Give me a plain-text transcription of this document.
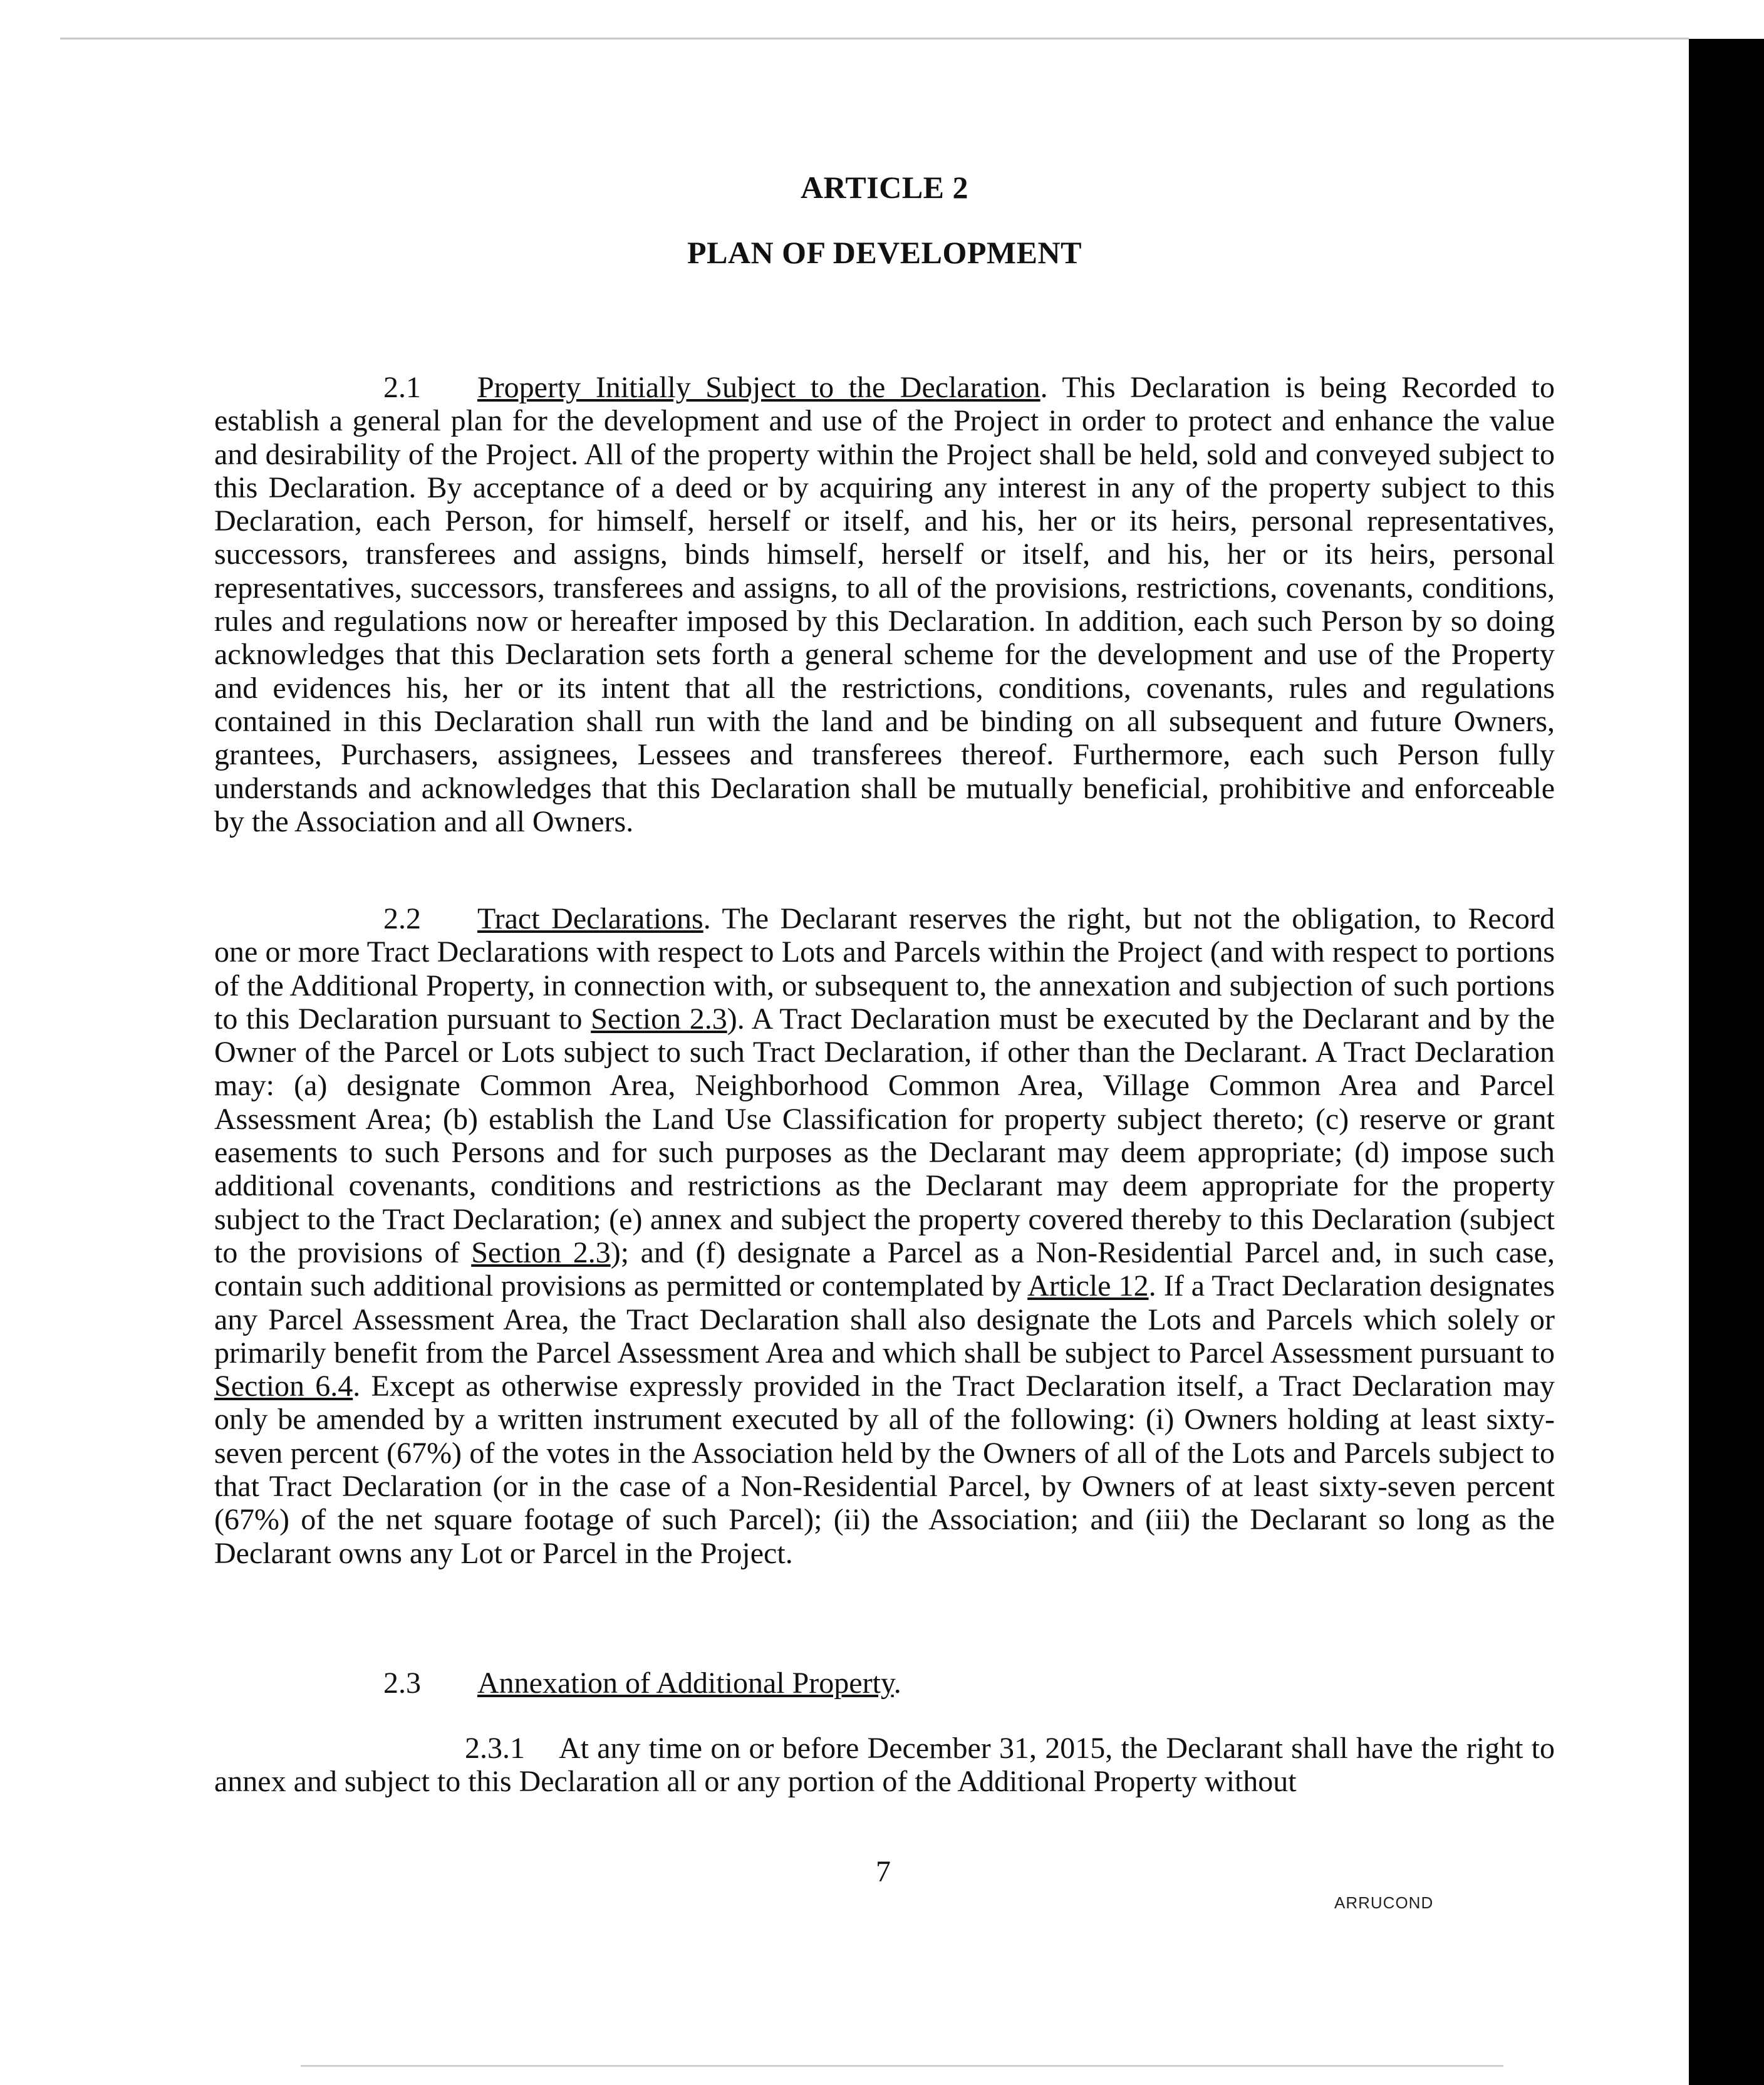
ARTICLE 2
PLAN OF DEVELOPMENT

2.1 Property Initially Subject to the Declaration. This Declaration is being Recorded to establish a general plan for the development and use of the Project in order to protect and enhance the value and desirability of the Project. All of the property within the Project shall be held, sold and conveyed subject to this Declaration. By acceptance of a deed or by acquiring any interest in any of the property subject to this Declaration, each Person, for himself, herself or itself, and his, her or its heirs, personal representatives, successors, transferees and assigns, binds himself, herself or itself, and his, her or its heirs, personal representatives, successors, transferees and assigns, to all of the provisions, restrictions, covenants, conditions, rules and regulations now or hereafter imposed by this Declaration. In addition, each such Person by so doing acknowledges that this Declaration sets forth a general scheme for the development and use of the Property and evidences his, her or its intent that all the restrictions, conditions, covenants, rules and regulations contained in this Declaration shall run with the land and be binding on all subsequent and future Owners, grantees, Purchasers, assignees, Lessees and transferees thereof. Furthermore, each such Person fully understands and acknowledges that this Declaration shall be mutually beneficial, prohibitive and enforceable by the Association and all Owners.

2.2 Tract Declarations. The Declarant reserves the right, but not the obligation, to Record one or more Tract Declarations with respect to Lots and Parcels within the Project (and with respect to portions of the Additional Property, in connection with, or subsequent to, the annexation and subjection of such portions to this Declaration pursuant to Section 2.3). A Tract Declaration must be executed by the Declarant and by the Owner of the Parcel or Lots subject to such Tract Declaration, if other than the Declarant. A Tract Declaration may: (a) designate Common Area, Neighborhood Common Area, Village Common Area and Parcel Assessment Area; (b) establish the Land Use Classification for property subject thereto; (c) reserve or grant easements to such Persons and for such purposes as the Declarant may deem appropriate; (d) impose such additional covenants, conditions and restrictions as the Declarant may deem appropriate for the property subject to the Tract Declaration; (e) annex and subject the property covered thereby to this Declaration (subject to the provisions of Section 2.3); and (f) designate a Parcel as a Non-Residential Parcel and, in such case, contain such additional provisions as permitted or contemplated by Article 12. If a Tract Declaration designates any Parcel Assessment Area, the Tract Declaration shall also designate the Lots and Parcels which solely or primarily benefit from the Parcel Assessment Area and which shall be subject to Parcel Assessment pursuant to Section 6.4. Except as otherwise expressly provided in the Tract Declaration itself, a Tract Declaration may only be amended by a written instrument executed by all of the following: (i) Owners holding at least sixty-seven percent (67%) of the votes in the Association held by the Owners of all of the Lots and Parcels subject to that Tract Declaration (or in the case of a Non-Residential Parcel, by Owners of at least sixty-seven percent (67%) of the net square footage of such Parcel); (ii) the Association; and (iii) the Declarant so long as the Declarant owns any Lot or Parcel in the Project.

2.3 Annexation of Additional Property.

2.3.1 At any time on or before December 31, 2015, the Declarant shall have the right to annex and subject to this Declaration all or any portion of the Additional Property without

7
ARRUCOND
